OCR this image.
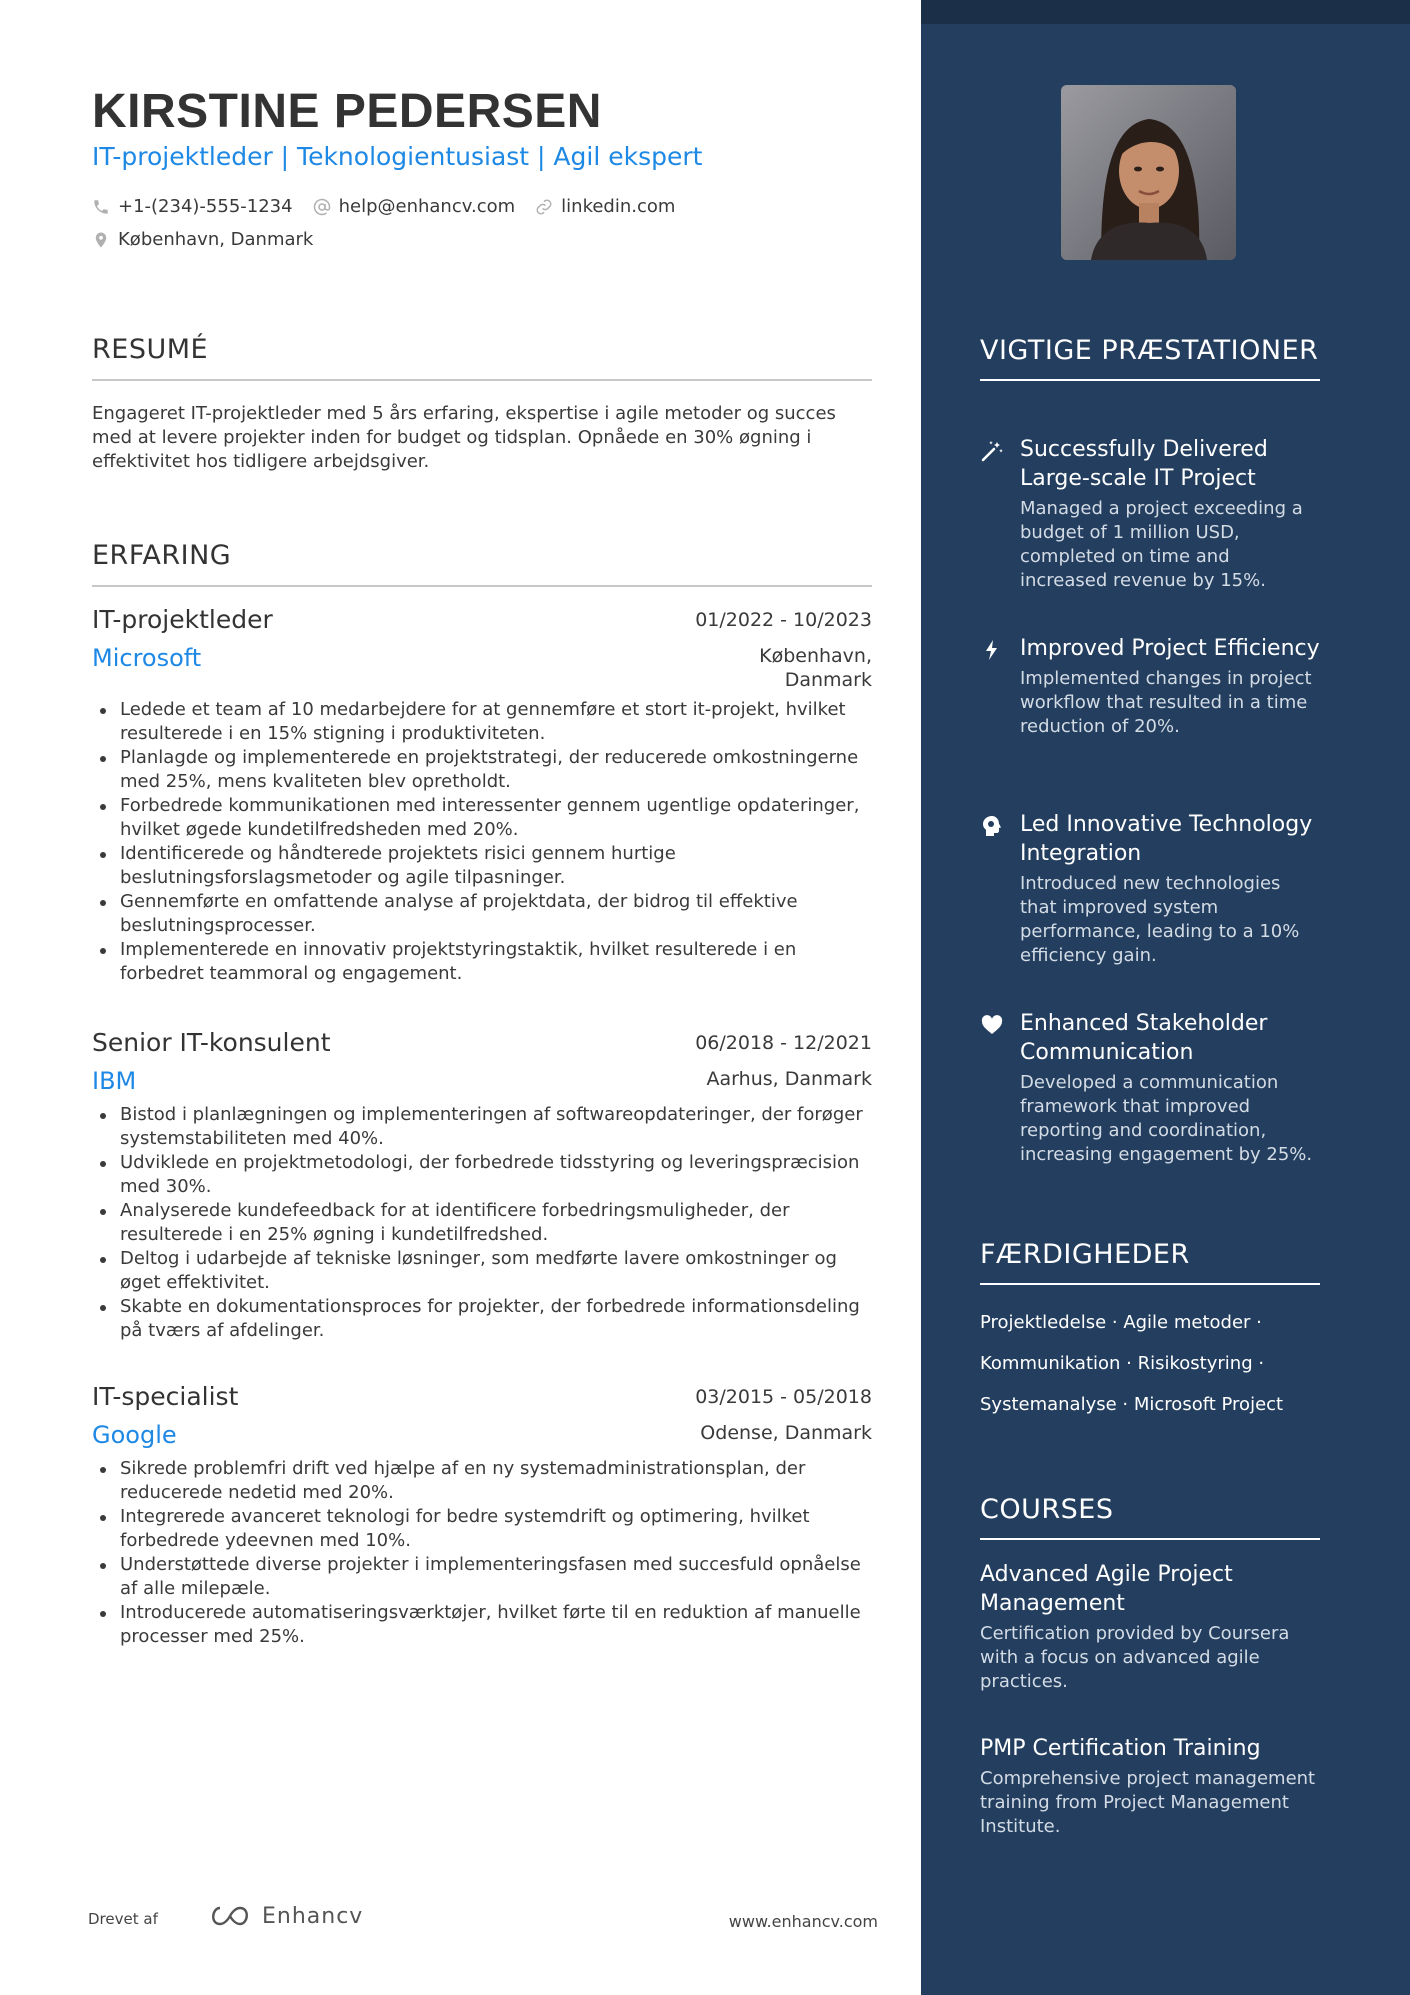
KIRSTINE PEDERSEN
IT-projektleder | Teknologientusiast | Agil ekspert
+1-(234)-555-1234	help@enhancv.com	linkedin.com
København, Danmark
RESUMÉ
Engageret IT-projektleder med 5 års erfaring, ekspertise i agile metoder og succes med at levere projekter inden for budget og tidsplan. Opnåede en 30% øgning i effektivitet hos tidligere arbejdsgiver.
ERFARING
IT-projektleder	01/2022 - 10/2023
Microsoft	København,
Danmark
Ledede et team af 10 medarbejdere for at gennemføre et stort it-projekt, hvilket resulterede i en 15% stigning i produktiviteten.
Planlagde og implementerede en projektstrategi, der reducerede omkostningerne med 25%, mens kvaliteten blev opretholdt.
Forbedrede kommunikationen med interessenter gennem ugentlige opdateringer, hvilket øgede kundetilfredsheden med 20%.
Identificerede og håndterede projektets risici gennem hurtige beslutningsforslagsmetoder og agile tilpasninger.
Gennemførte en omfattende analyse af projektdata, der bidrog til effektive beslutningsprocesser.
Implementerede en innovativ projektstyringstaktik, hvilket resulterede i en forbedret teammoral og engagement.
Senior IT-konsulent	06/2018 - 12/2021
IBM	Aarhus, Danmark
Bistod i planlægningen og implementeringen af softwareopdateringer, der forøger systemstabiliteten med 40%.
Udviklede en projektmetodologi, der forbedrede tidsstyring og leveringspræcision med 30%.
Analyserede kundefeedback for at identificere forbedringsmuligheder, der resulterede i en 25% øgning i kundetilfredshed.
Deltog i udarbejde af tekniske løsninger, som medførte lavere omkostninger og øget effektivitet.
Skabte en dokumentationsproces for projekter, der forbedrede informationsdeling på tværs af afdelinger.
IT-specialist	03/2015 - 05/2018
Google	Odense, Danmark
Sikrede problemfri drift ved hjælpe af en ny systemadministrationsplan, der reducerede nedetid med 20%.
Integrerede avanceret teknologi for bedre systemdrift og optimering, hvilket forbedrede ydeevnen med 10%.
Understøttede diverse projekter i implementeringsfasen med succesfuld opnåelse af alle milepæle.
Introducerede automatiseringsværktøjer, hvilket førte til en reduktion af manuelle processer med 25%.
Drevet af	Enhancv	www.enhancv.com
VIGTIGE PRÆSTATIONER
Successfully Delivered Large-scale IT Project
Managed a project exceeding a budget of 1 million USD, completed on time and increased revenue by 15%.
Improved Project Efficiency
Implemented changes in project workflow that resulted in a time reduction of 20%.
Led Innovative Technology Integration
Introduced new technologies that improved system performance, leading to a 10% efficiency gain.
Enhanced Stakeholder Communication
Developed a communication framework that improved reporting and coordination, increasing engagement by 25%.
FÆRDIGHEDER
Projektledelse · Agile metoder ·
Kommunikation · Risikostyring ·
Systemanalyse · Microsoft Project
COURSES
Advanced Agile Project Management
Certification provided by Coursera with a focus on advanced agile practices.
PMP Certification Training
Comprehensive project management training from Project Management Institute.
